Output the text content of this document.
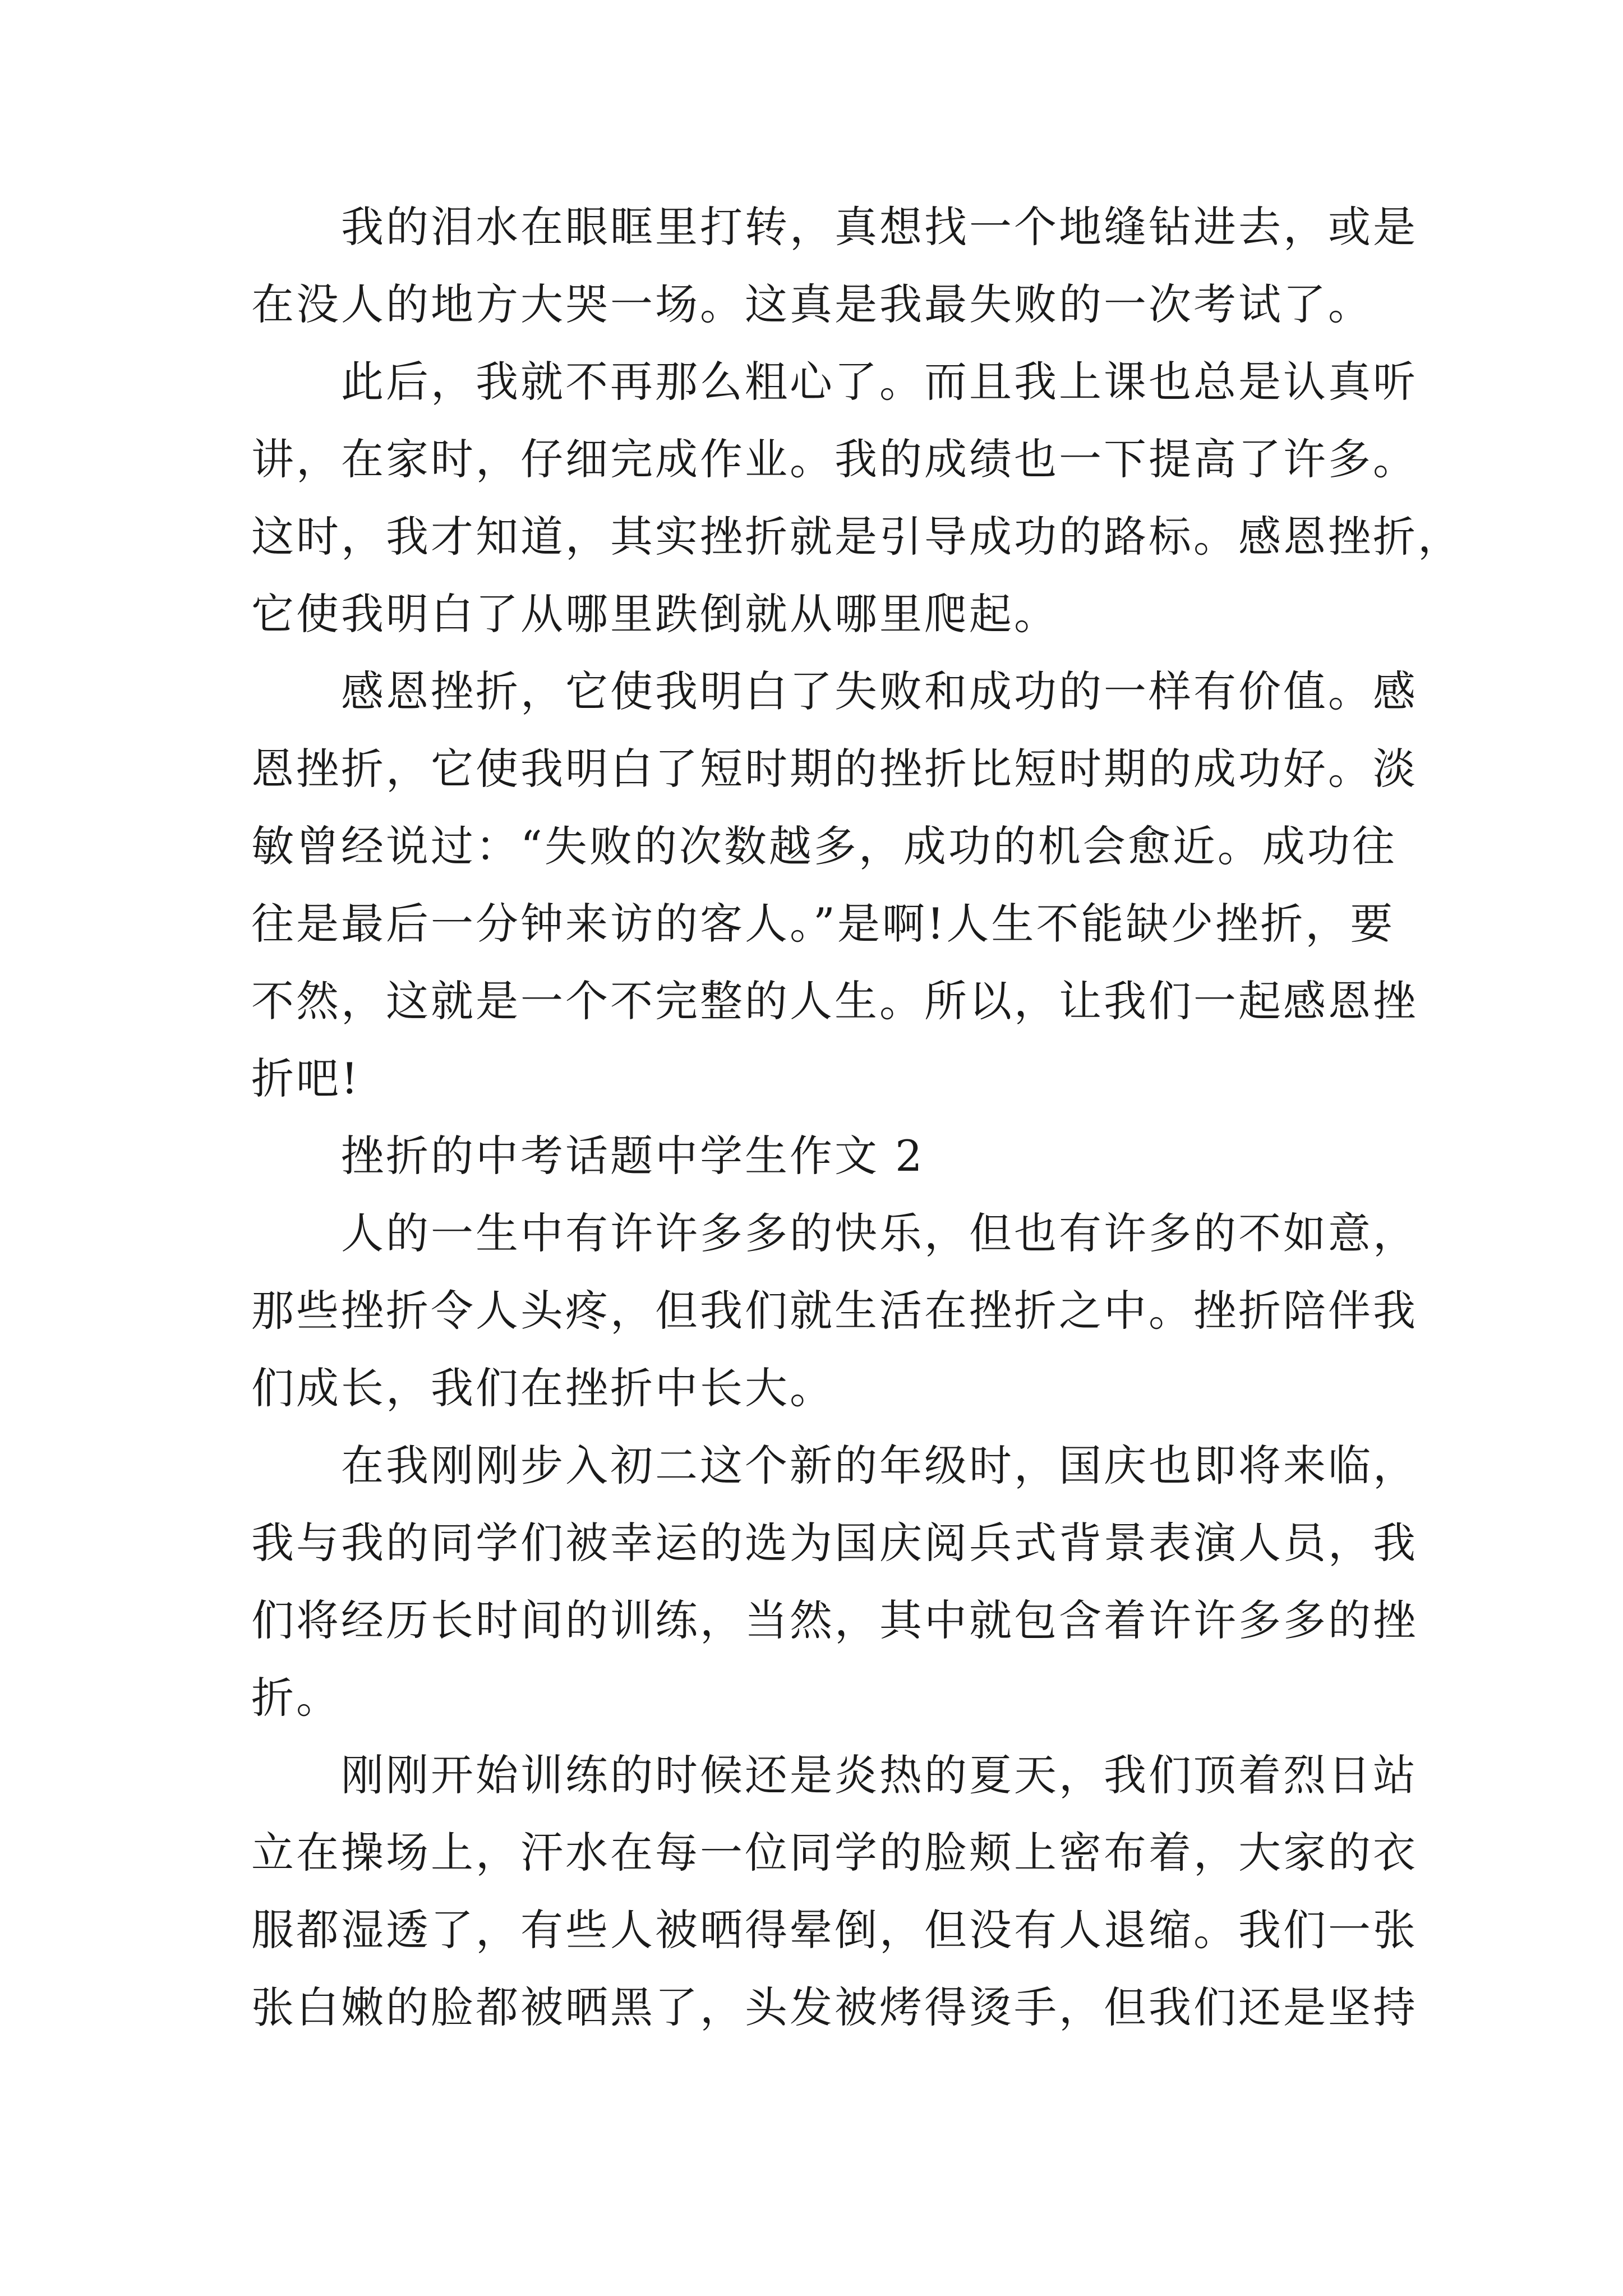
　　我的泪水在眼眶里打转，真想找一个地缝钻进去，或是
在没人的地方大哭一场。这真是我最失败的一次考试了。
　　此后，我就不再那么粗心了。而且我上课也总是认真听
讲，在家时，仔细完成作业。我的成绩也一下提高了许多。
这时，我才知道，其实挫折就是引导成功的路标。感恩挫折，
它使我明白了从哪里跌倒就从哪里爬起。
　　感恩挫折，它使我明白了失败和成功的一样有价值。感
恩挫折，它使我明白了短时期的挫折比短时期的成功好。淡
敏曾经说过：“失败的次数越多，成功的机会愈近。成功往
往是最后一分钟来访的客人。”是啊!人生不能缺少挫折，要
不然，这就是一个不完整的人生。所以，让我们一起感恩挫
折吧!
　　挫折的中考话题中学生作文 2
　　人的一生中有许许多多的快乐，但也有许多的不如意，
那些挫折令人头疼，但我们就生活在挫折之中。挫折陪伴我
们成长，我们在挫折中长大。
　　在我刚刚步入初二这个新的年级时，国庆也即将来临，
我与我的同学们被幸运的选为国庆阅兵式背景表演人员，我
们将经历长时间的训练，当然，其中就包含着许许多多的挫
折。
　　刚刚开始训练的时候还是炎热的夏天，我们顶着烈日站
立在操场上，汗水在每一位同学的脸颊上密布着，大家的衣
服都湿透了，有些人被晒得晕倒，但没有人退缩。我们一张
张白嫩的脸都被晒黑了，头发被烤得烫手，但我们还是坚持
